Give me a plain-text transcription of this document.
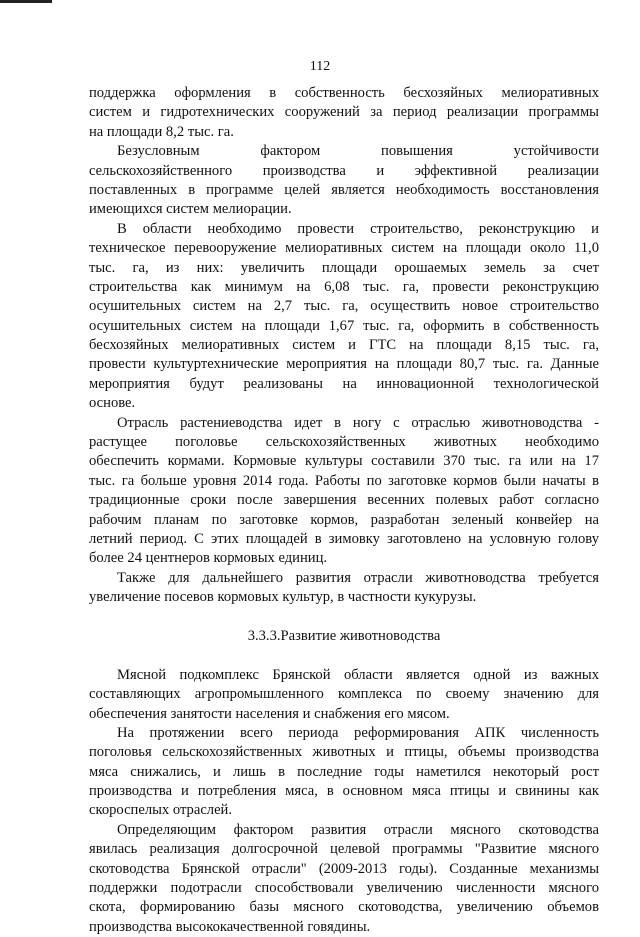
112
поддержка оформления в собственность бесхозяйных мелиоративных
систем и гидротехнических сооружений за период реализации программы
на площади 8,2 тыс. га.
Безусловным фактором повышения устойчивости
сельскохозяйственного производства и эффективной реализации
поставленных в программе целей является необходимость восстановления
имеющихся систем мелиорации.
В области необходимо провести строительство, реконструкцию и
техническое перевооружение мелиоративных систем на площади около 11,0
тыс. га, из них: увеличить площади орошаемых земель за счет
строительства как минимум на 6,08 тыс. га, провести реконструкцию
осушительных систем на 2,7 тыс. га, осуществить новое строительство
осушительных систем на площади 1,67 тыс. га, оформить в собственность
бесхозяйных мелиоративных систем и ГТС на площади 8,15 тыс. га,
провести культуртехнические мероприятия на площади 80,7 тыс. га. Данные
мероприятия будут реализованы на инновационной технологической
основе.
Отрасль растениеводства идет в ногу с отраслью животноводства -
растущее поголовье сельскохозяйственных животных необходимо
обеспечить кормами. Кормовые культуры составили 370 тыс. га или на 17
тыс. га больше уровня 2014 года. Работы по заготовке кормов были начаты в
традиционные сроки после завершения весенних полевых работ согласно
рабочим планам по заготовке кормов, разработан зеленый конвейер на
летний период. С этих площадей в зимовку заготовлено на условную голову
более 24 центнеров кормовых единиц.
Также для дальнейшего развития отрасли животноводства требуется
увеличение посевов кормовых культур, в частности кукурузы.
3.3.3.Развитие животноводства
Мясной подкомплекс Брянской области является одной из важных
составляющих агропромышленного комплекса по своему значению для
обеспечения занятости населения и снабжения его мясом.
На протяжении всего периода реформирования АПК численность
поголовья сельскохозяйственных животных и птицы, объемы производства
мяса снижались, и лишь в последние годы наметился некоторый рост
производства и потребления мяса, в основном мяса птицы и свинины как
скороспелых отраслей.
Определяющим фактором развития отрасли мясного скотоводства
явилась реализация долгосрочной целевой программы "Развитие мясного
скотоводства Брянской отрасли" (2009-2013 годы). Созданные механизмы
поддержки подотрасли способствовали увеличению численности мясного
скота, формированию базы мясного скотоводства, увеличению объемов
производства высококачественной говядины.
